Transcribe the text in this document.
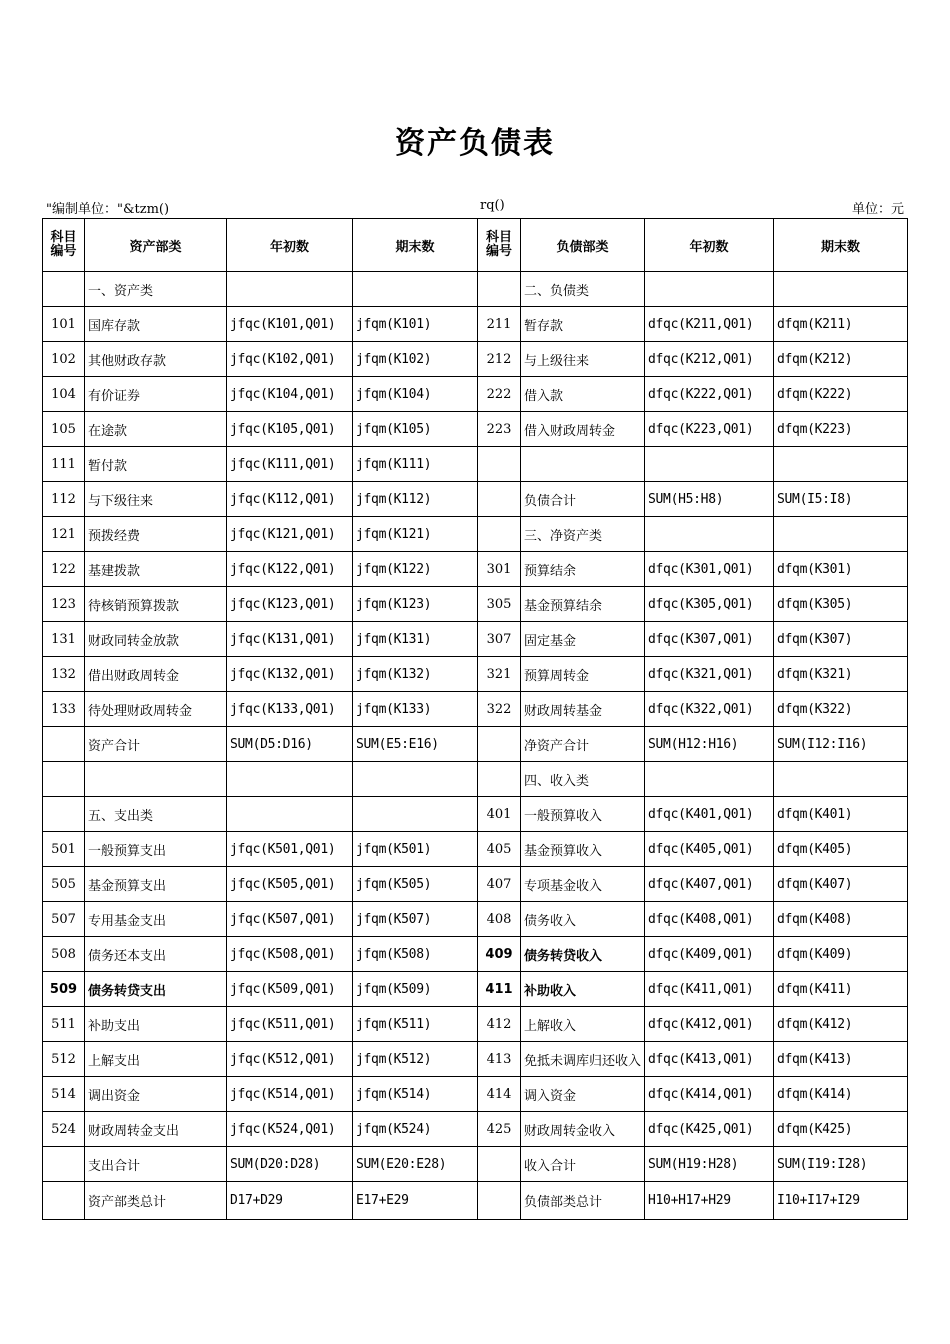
资产负债表
"编制单位："&tzm()	rq()	单位：元
科目编号	资产部类	年初数	期末数	科目编号	负债部类	年初数	期末数
	一、资产类				二、负债类		
101	国库存款	jfqc(K101,Q01)	jfqm(K101)	211	暂存款	dfqc(K211,Q01)	dfqm(K211)
102	其他财政存款	jfqc(K102,Q01)	jfqm(K102)	212	与上级往来	dfqc(K212,Q01)	dfqm(K212)
104	有价证券	jfqc(K104,Q01)	jfqm(K104)	222	借入款	dfqc(K222,Q01)	dfqm(K222)
105	在途款	jfqc(K105,Q01)	jfqm(K105)	223	借入财政周转金	dfqc(K223,Q01)	dfqm(K223)
111	暂付款	jfqc(K111,Q01)	jfqm(K111)				
112	与下级往来	jfqc(K112,Q01)	jfqm(K112)		负债合计	SUM(H5:H8)	SUM(I5:I8)
121	预拨经费	jfqc(K121,Q01)	jfqm(K121)		三、净资产类		
122	基建拨款	jfqc(K122,Q01)	jfqm(K122)	301	预算结余	dfqc(K301,Q01)	dfqm(K301)
123	待核销预算拨款	jfqc(K123,Q01)	jfqm(K123)	305	基金预算结余	dfqc(K305,Q01)	dfqm(K305)
131	财政同转金放款	jfqc(K131,Q01)	jfqm(K131)	307	固定基金	dfqc(K307,Q01)	dfqm(K307)
132	借出财政周转金	jfqc(K132,Q01)	jfqm(K132)	321	预算周转金	dfqc(K321,Q01)	dfqm(K321)
133	待处理财政周转金	jfqc(K133,Q01)	jfqm(K133)	322	财政周转基金	dfqc(K322,Q01)	dfqm(K322)
	资产合计	SUM(D5:D16)	SUM(E5:E16)		净资产合计	SUM(H12:H16)	SUM(I12:I16)
					四、收入类		
	五、支出类			401	一般预算收入	dfqc(K401,Q01)	dfqm(K401)
501	一般预算支出	jfqc(K501,Q01)	jfqm(K501)	405	基金预算收入	dfqc(K405,Q01)	dfqm(K405)
505	基金预算支出	jfqc(K505,Q01)	jfqm(K505)	407	专项基金收入	dfqc(K407,Q01)	dfqm(K407)
507	专用基金支出	jfqc(K507,Q01)	jfqm(K507)	408	债务收入	dfqc(K408,Q01)	dfqm(K408)
508	债务还本支出	jfqc(K508,Q01)	jfqm(K508)	409	债务转贷收入	dfqc(K409,Q01)	dfqm(K409)
509	债务转贷支出	jfqc(K509,Q01)	jfqm(K509)	411	补助收入	dfqc(K411,Q01)	dfqm(K411)
511	补助支出	jfqc(K511,Q01)	jfqm(K511)	412	上解收入	dfqc(K412,Q01)	dfqm(K412)
512	上解支出	jfqc(K512,Q01)	jfqm(K512)	413	免抵未调库归还收入	dfqc(K413,Q01)	dfqm(K413)
514	调出资金	jfqc(K514,Q01)	jfqm(K514)	414	调入资金	dfqc(K414,Q01)	dfqm(K414)
524	财政周转金支出	jfqc(K524,Q01)	jfqm(K524)	425	财政周转金收入	dfqc(K425,Q01)	dfqm(K425)
	支出合计	SUM(D20:D28)	SUM(E20:E28)		收入合计	SUM(H19:H28)	SUM(I19:I28)
	资产部类总计	D17+D29	E17+E29		负债部类总计	H10+H17+H29	I10+I17+I29
